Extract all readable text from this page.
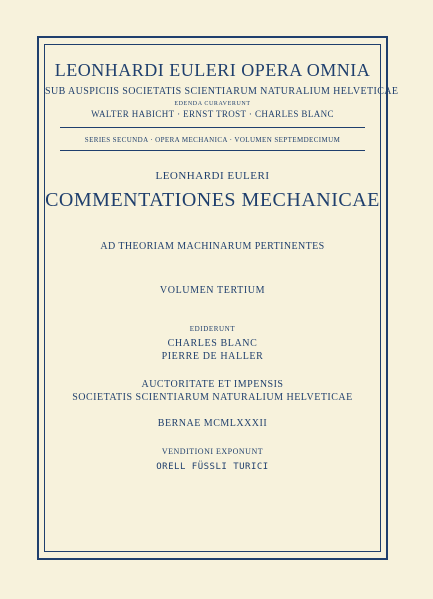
LEONHARDI EULERI OPERA OMNIA
SUB AUSPICIIS SOCIETATIS SCIENTIARUM NATURALIUM HELVETICAE
EDENDA CURAVERUNT
WALTER HABICHT · ERNST TROST · CHARLES BLANC
SERIES SECUNDA · OPERA MECHANICA · VOLUMEN SEPTEMDECIMUM
LEONHARDI EULERI
COMMENTATIONES MECHANICAE
AD THEORIAM MACHINARUM PERTINENTES
VOLUMEN TERTIUM
EDIDERUNT
CHARLES BLANC
PIERRE DE HALLER
AUCTORITATE ET IMPENSIS
SOCIETATIS SCIENTIARUM NATURALIUM HELVETICAE
BERNAE MCMLXXXII
VENDITIONI EXPONUNT
ORELL FÜSSLI TURICI
